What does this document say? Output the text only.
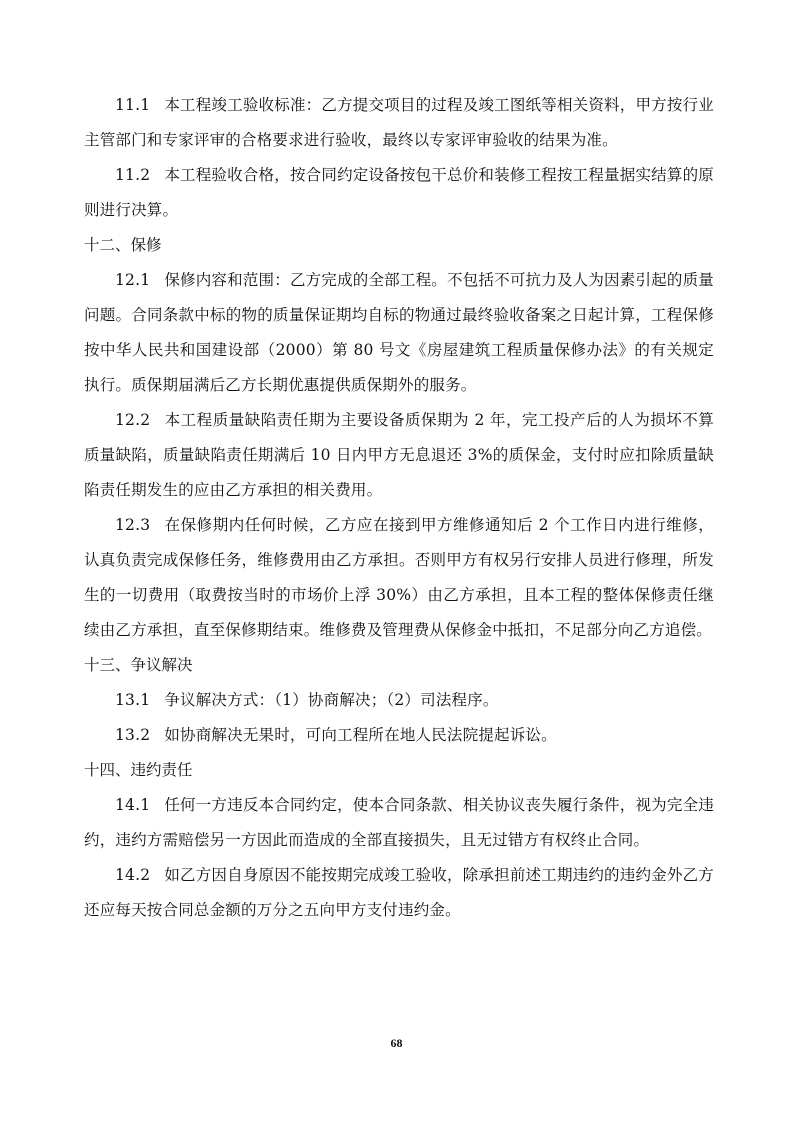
11.1 本工程竣工验收标准：乙方提交项目的过程及竣工图纸等相关资料，甲方按行业主管部门和专家评审的合格要求进行验收，最终以专家评审验收的结果为准。

11.2 本工程验收合格，按合同约定设备按包干总价和装修工程按工程量据实结算的原则进行决算。

十二、保修

12.1 保修内容和范围：乙方完成的全部工程。不包括不可抗力及人为因素引起的质量问题。合同条款中标的物的质量保证期均自标的物通过最终验收备案之日起计算，工程保修按中华人民共和国建设部（2000）第 80 号文《房屋建筑工程质量保修办法》的有关规定执行。质保期届满后乙方长期优惠提供质保期外的服务。

12.2 本工程质量缺陷责任期为主要设备质保期为 2 年，完工投产后的人为损坏不算质量缺陷，质量缺陷责任期满后 10 日内甲方无息退还 3%的质保金，支付时应扣除质量缺陷责任期发生的应由乙方承担的相关费用。

12.3 在保修期内任何时候，乙方应在接到甲方维修通知后 2 个工作日内进行维修，认真负责完成保修任务，维修费用由乙方承担。否则甲方有权另行安排人员进行修理，所发生的一切费用（取费按当时的市场价上浮 30%）由乙方承担，且本工程的整体保修责任继续由乙方承担，直至保修期结束。维修费及管理费从保修金中抵扣，不足部分向乙方追偿。

十三、争议解决

13.1 争议解决方式：（1）协商解决；（2）司法程序。

13.2 如协商解决无果时，可向工程所在地人民法院提起诉讼。

十四、违约责任

14.1 任何一方违反本合同约定，使本合同条款、相关协议丧失履行条件，视为完全违约，违约方需赔偿另一方因此而造成的全部直接损失，且无过错方有权终止合同。

14.2 如乙方因自身原因不能按期完成竣工验收，除承担前述工期违约的违约金外乙方还应每天按合同总金额的万分之五向甲方支付违约金。

68
